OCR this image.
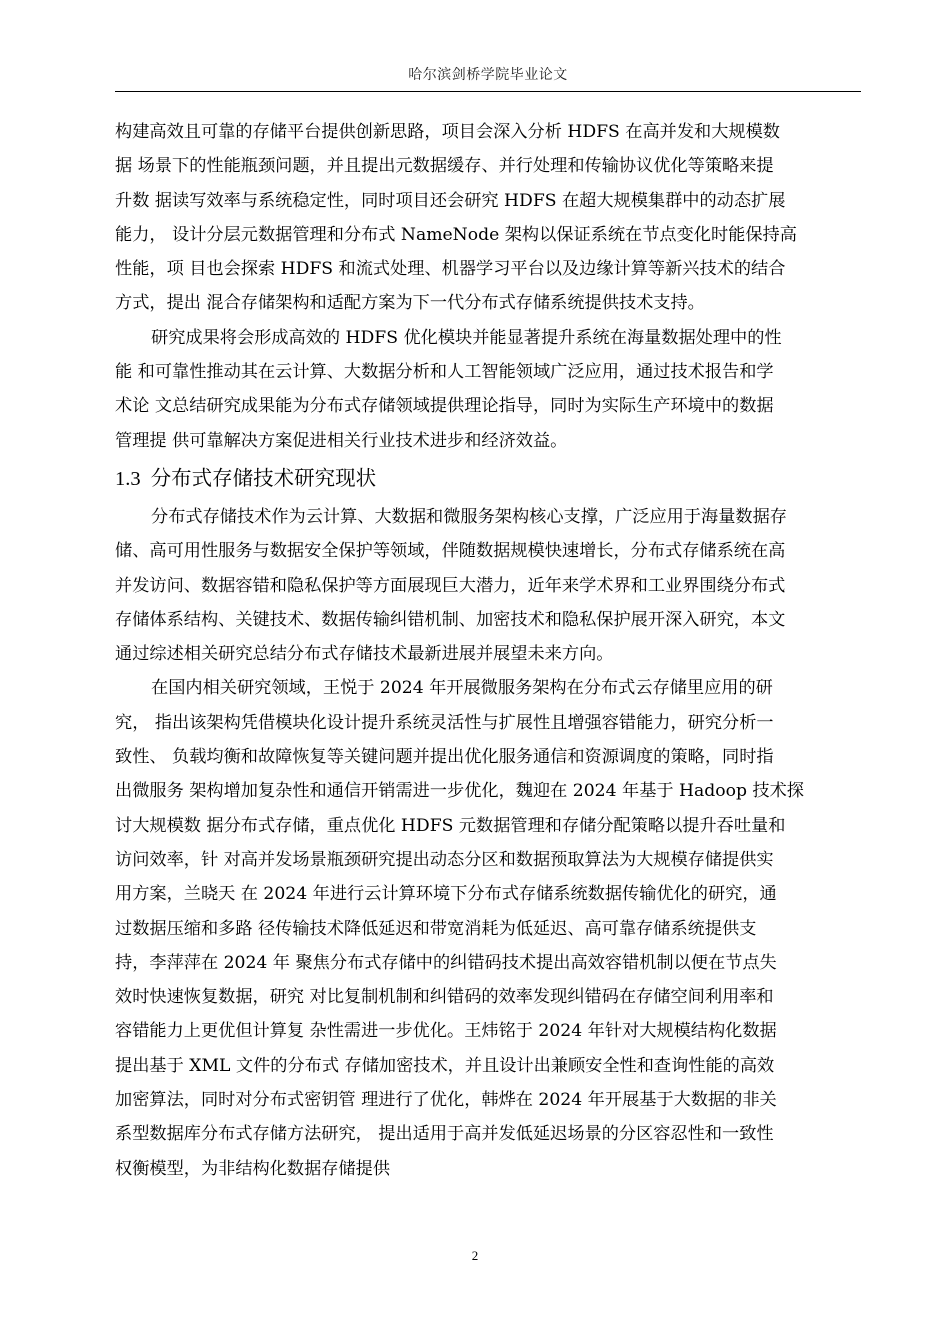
哈尔滨剑桥学院毕业论文
构建高效且可靠的存储平台提供创新思路，项目会深入分析 HDFS 在高并发和大规模数
据 场景下的性能瓶颈问题，并且提出元数据缓存、并行处理和传输协议优化等策略来提
升数 据读写效率与系统稳定性，同时项目还会研究 HDFS 在超大规模集群中的动态扩展
能力， 设计分层元数据管理和分布式 NameNode 架构以保证系统在节点变化时能保持高
性能，项 目也会探索 HDFS 和流式处理、机器学习平台以及边缘计算等新兴技术的结合
方式，提出 混合存储架构和适配方案为下一代分布式存储系统提供技术支持。
研究成果将会形成高效的 HDFS 优化模块并能显著提升系统在海量数据处理中的性
能 和可靠性推动其在云计算、大数据分析和人工智能领域广泛应用，通过技术报告和学
术论 文总结研究成果能为分布式存储领域提供理论指导，同时为实际生产环境中的数据
管理提 供可靠解决方案促进相关行业技术进步和经济效益。
1.3 分布式存储技术研究现状
分布式存储技术作为云计算、大数据和微服务架构核心支撑，广泛应用于海量数据存
储、高可用性服务与数据安全保护等领域，伴随数据规模快速增长，分布式存储系统在高
并发访问、数据容错和隐私保护等方面展现巨大潜力，近年来学术界和工业界围绕分布式
存储体系结构、关键技术、数据传输纠错机制、加密技术和隐私保护展开深入研究，本文
通过综述相关研究总结分布式存储技术最新进展并展望未来方向。
在国内相关研究领域，王悦于 2024 年开展微服务架构在分布式云存储里应用的研
究， 指出该架构凭借模块化设计提升系统灵活性与扩展性且增强容错能力，研究分析一
致性、 负载均衡和故障恢复等关键问题并提出优化服务通信和资源调度的策略，同时指
出微服务 架构增加复杂性和通信开销需进一步优化，魏迎在 2024 年基于 Hadoop 技术探
讨大规模数 据分布式存储，重点优化 HDFS 元数据管理和存储分配策略以提升吞吐量和
访问效率，针 对高并发场景瓶颈研究提出动态分区和数据预取算法为大规模存储提供实
用方案，兰晓天 在 2024 年进行云计算环境下分布式存储系统数据传输优化的研究，通
过数据压缩和多路 径传输技术降低延迟和带宽消耗为低延迟、高可靠存储系统提供支
持，李萍萍在 2024 年 聚焦分布式存储中的纠错码技术提出高效容错机制以便在节点失
效时快速恢复数据，研究 对比复制机制和纠错码的效率发现纠错码在存储空间利用率和
容错能力上更优但计算复 杂性需进一步优化。王炜铭于 2024 年针对大规模结构化数据
提出基于 XML 文件的分布式 存储加密技术，并且设计出兼顾安全性和查询性能的高效
加密算法，同时对分布式密钥管 理进行了优化，韩烨在 2024 年开展基于大数据的非关
系型数据库分布式存储方法研究， 提出适用于高并发低延迟场景的分区容忍性和一致性
权衡模型，为非结构化数据存储提供
2
